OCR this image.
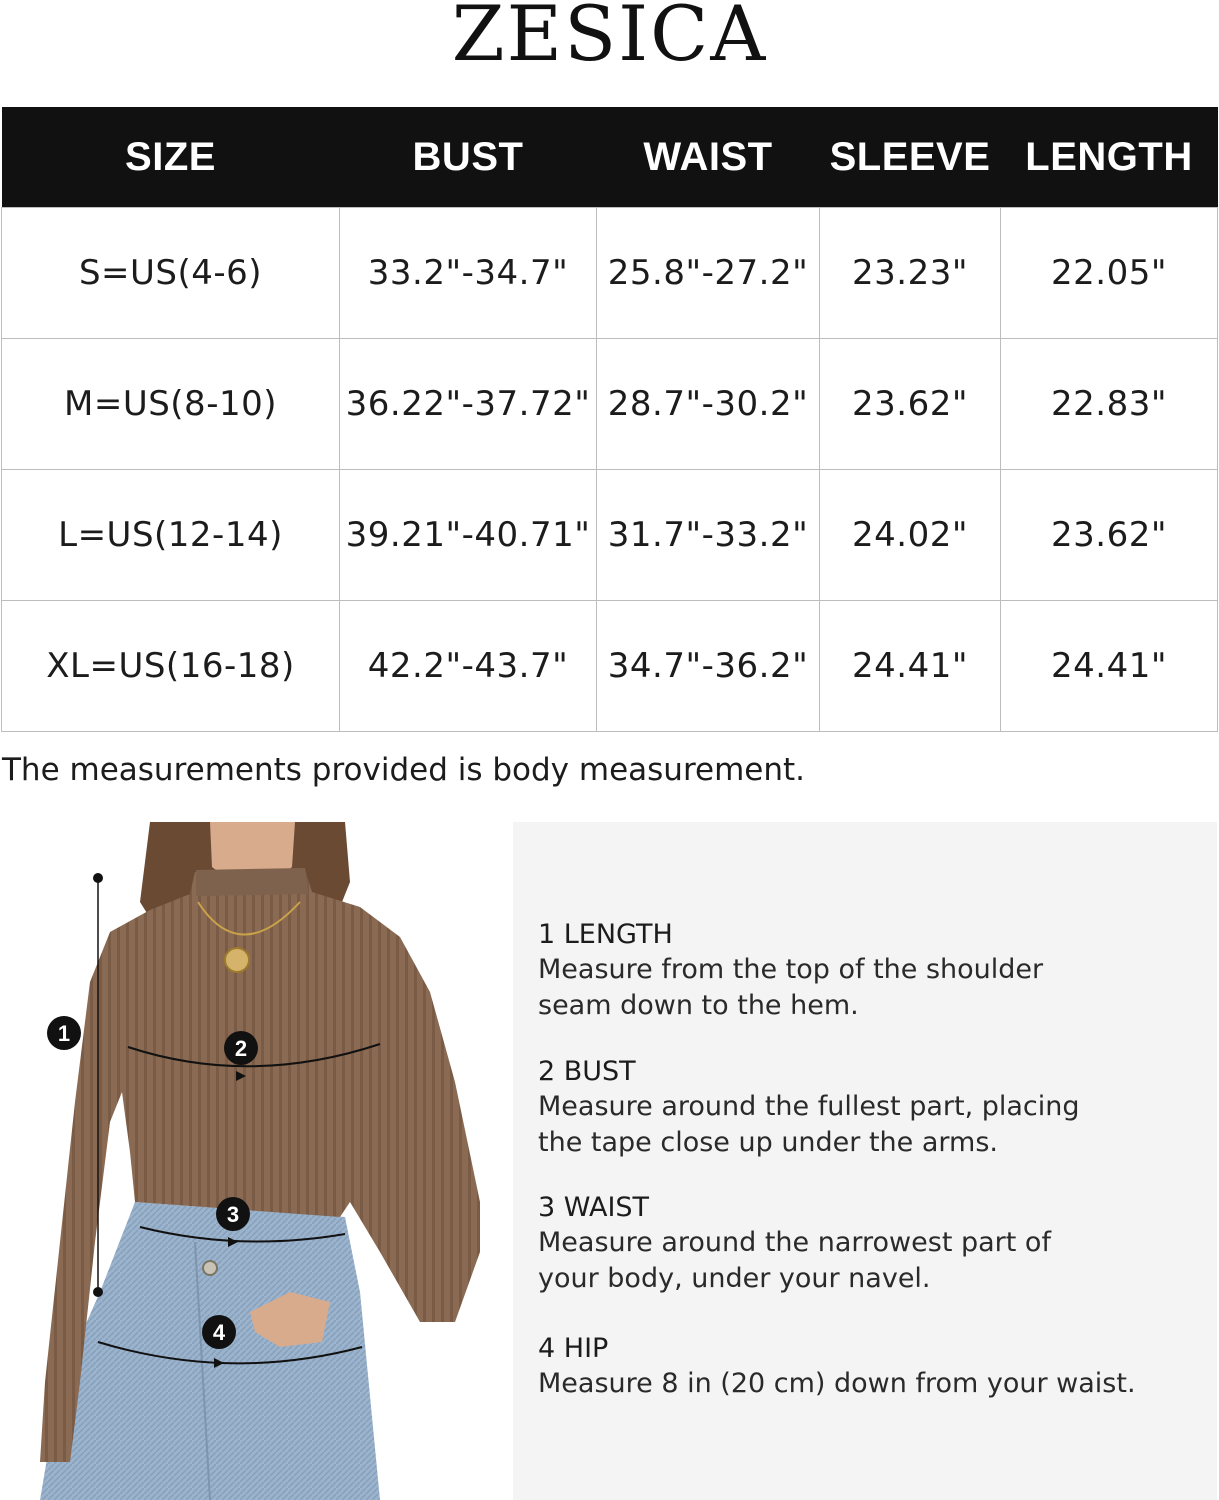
ZESICA
SIZE	BUST	WAIST	SLEEVE	LENGTH
S=US(4-6)	33.2"-34.7"	25.8"-27.2"	23.23"	22.05"
M=US(8-10)	36.22"-37.72"	28.7"-30.2"	23.62"	22.83"
L=US(12-14)	39.21"-40.71"	31.7"-33.2"	24.02"	23.62"
XL=US(16-18)	42.2"-43.7"	34.7"-36.2"	24.41"	24.41"
The measurements provided is body measurement.
1
2
3
4
1 LENGTH
Measure from the top of the shoulder seam down to the hem.
2 BUST
Measure around the fullest part, placing the tape close up under the arms.
3 WAIST
Measure around the narrowest part of your body, under your navel.
4 HIP
Measure 8 in (20 cm) down from your waist.
